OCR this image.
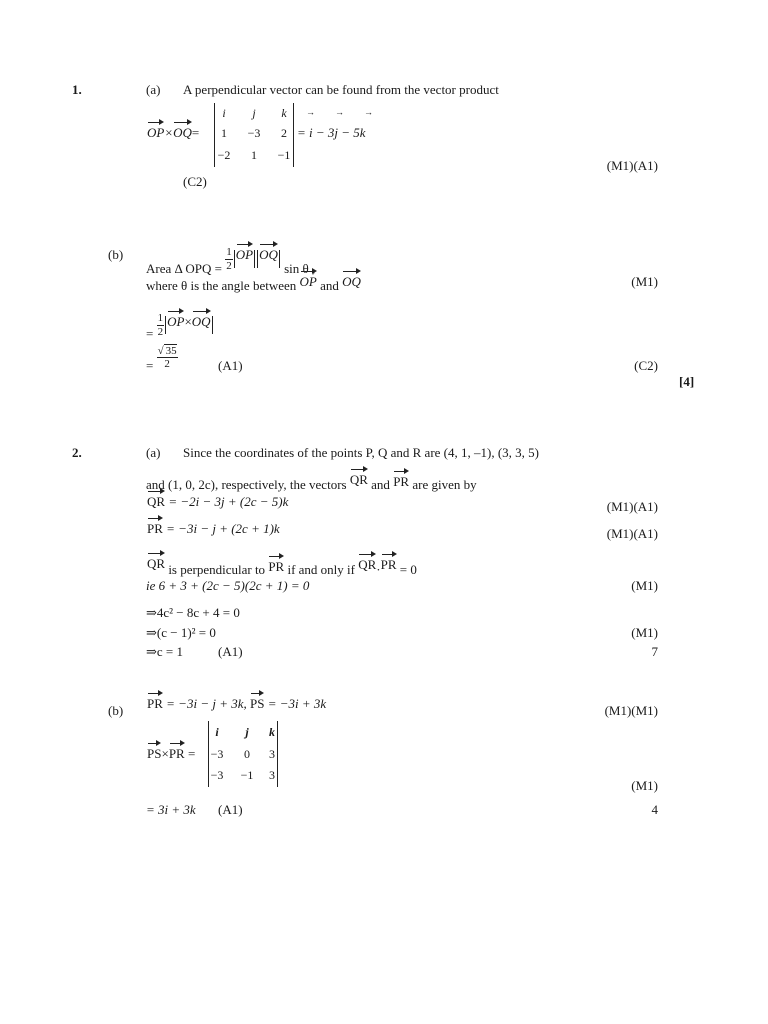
1.	(a) A perpendicular vector can be found from the vector product
OP×
OQ=
i	j	k
1	−3	2
−2	1	−1
= i − 3j − 5k
→→→
(M1)(A1)
(C2)
(b)
Area Δ OPQ = $\frac{1}{2}$ OP OQ sin θ ,
where θ is the angle between OP and OQ	(M1)
= $\frac{1}{2} OP\times$
OQ
= $\frac{√ 35}{2}$	(A1)	(C2)
[4]
2.	(a) Since the coordinates of the points P, Q and R are (4, 1, –1), (3, 3, 5)
and (1, 0, 2c), respectively, the vectors QR and PR are given by
QR = −2i − 3j + (2c − 5)k	(M1)(A1)
PR = −3i − j + (2c + 1)k	(M1)(A1)
QR is perpendicular to PR if and only if QR·
PR = 0
ie 6 + 3 + (2c − 5)(2c + 1) = 0	(M1)
⇒4c² − 8c + 4 = 0
⇒(c − 1)² = 0	(M1)
⇒c = 1	(A1)	7
(b) PR = −3i − j + 3k, PS = −3i + 3k	(M1)(M1)
PS×
PR =
i	j	k
−3	0	3
−3	−1	3
(M1)
= 3i + 3k (A1)	4
